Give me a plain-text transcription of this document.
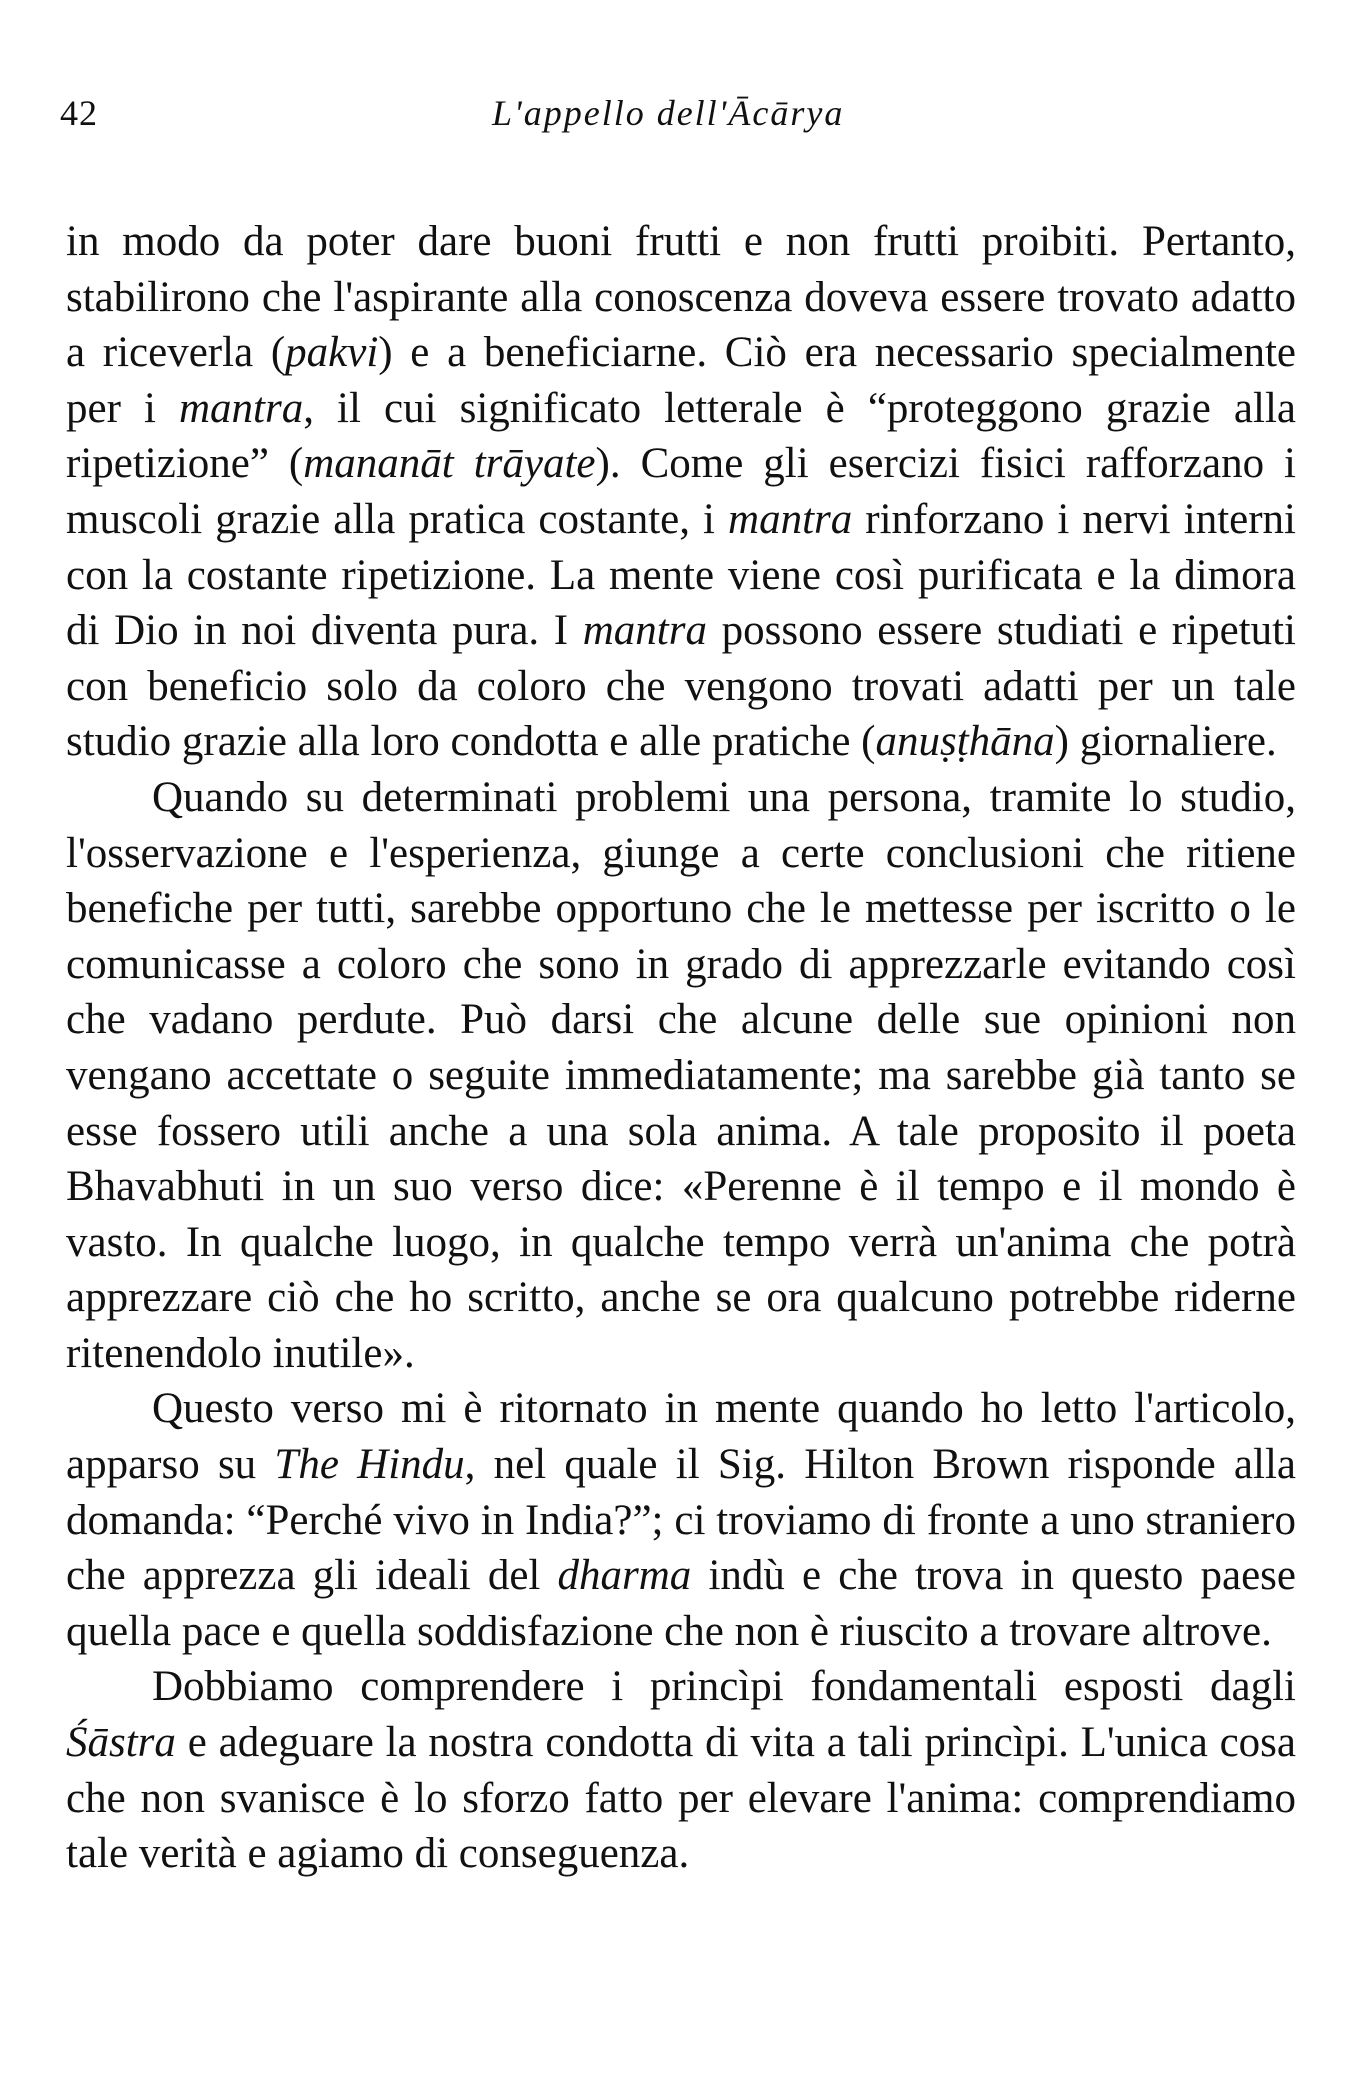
42	L'appello dell'Ācārya

in modo da poter dare buoni frutti e non frutti proibiti. Pertanto, stabilirono che l'aspirante alla conoscenza doveva essere trovato adatto a riceverla (pakvi) e a beneficiarne. Ciò era necessario specialmente per i mantra, il cui significato letterale è “proteggono grazie alla ripetizione” (mananāt trāyate). Come gli esercizi fisici rafforzano i muscoli grazie alla pratica costante, i mantra rinforzano i nervi interni con la costante ripetizione. La mente viene così purificata e la dimora di Dio in noi diventa pura. I mantra possono essere studiati e ripetuti con beneficio solo da coloro che vengono trovati adatti per un tale studio grazie alla loro condotta e alle pratiche (anuṣṭhāna) giornaliere.

Quando su determinati problemi una persona, tramite lo studio, l'osservazione e l'esperienza, giunge a certe conclusioni che ritiene benefiche per tutti, sarebbe opportuno che le mettesse per iscritto o le comunicasse a coloro che sono in grado di apprezzarle evitando così che vadano perdute. Può darsi che alcune delle sue opinioni non vengano accettate o seguite immediatamente; ma sarebbe già tanto se esse fossero utili anche a una sola anima. A tale proposito il poeta Bhavabhuti in un suo verso dice: «Perenne è il tempo e il mondo è vasto. In qualche luogo, in qualche tempo verrà un'anima che potrà apprezzare ciò che ho scritto, anche se ora qualcuno potrebbe riderne ritenendolo inutile».

Questo verso mi è ritornato in mente quando ho letto l'articolo, apparso su The Hindu, nel quale il Sig. Hilton Brown risponde alla domanda: “Perché vivo in India?”; ci troviamo di fronte a uno straniero che apprezza gli ideali del dharma indù e che trova in questo paese quella pace e quella soddisfazione che non è riuscito a trovare altrove.

Dobbiamo comprendere i princìpi fondamentali esposti dagli Śāstra e adeguare la nostra condotta di vita a tali princìpi. L'unica cosa che non svanisce è lo sforzo fatto per elevare l'anima: comprendiamo tale verità e agiamo di conseguenza.
